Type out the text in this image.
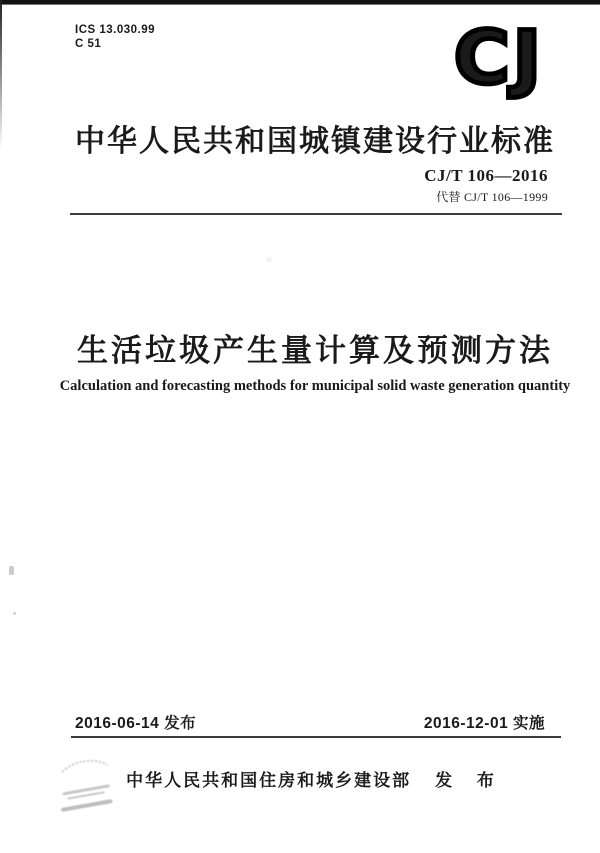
ICS 13.030.99
C 51	CJ
中华人民共和国城镇建设行业标准
CJ/T 106—2016
代替 CJ/T 106—1999
生活垃圾产生量计算及预测方法
Calculation and forecasting methods for municipal solid waste generation quantity
2016-06-14 发布	2016-12-01 实施
中华人民共和国住房和城乡建设部 发 布
